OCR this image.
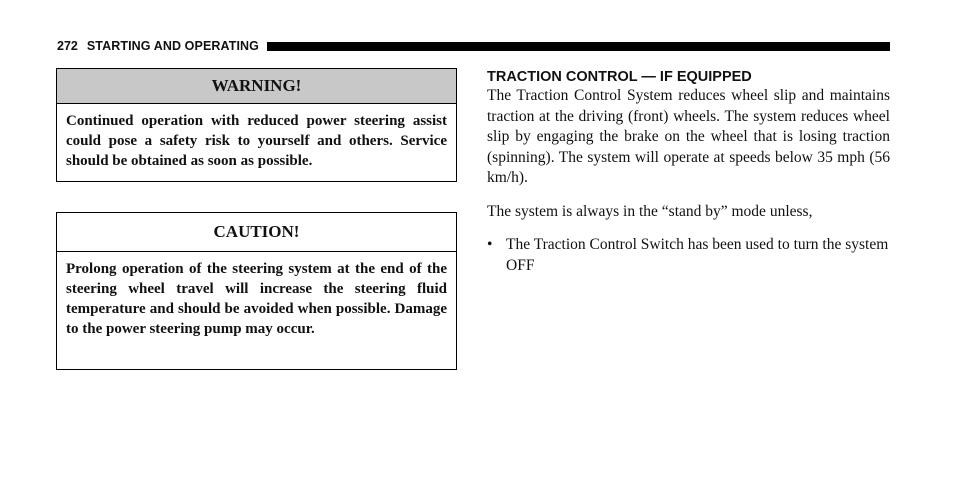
272 STARTING AND OPERATING
WARNING!
Continued operation with reduced power steering assist could pose a safety risk to yourself and others. Service should be obtained as soon as possible.
CAUTION!
Prolong operation of the steering system at the end of the steering wheel travel will increase the steering fluid temperature and should be avoided when possible. Damage to the power steering pump may occur.
TRACTION CONTROL — IF EQUIPPED

The Traction Control System reduces wheel slip and maintains traction at the driving (front) wheels. The system reduces wheel slip by engaging the brake on the wheel that is losing traction (spinning). The system will operate at speeds below 35 mph (56 km/h).

The system is always in the “stand by” mode unless,

• The Traction Control Switch has been used to turn the system OFF
